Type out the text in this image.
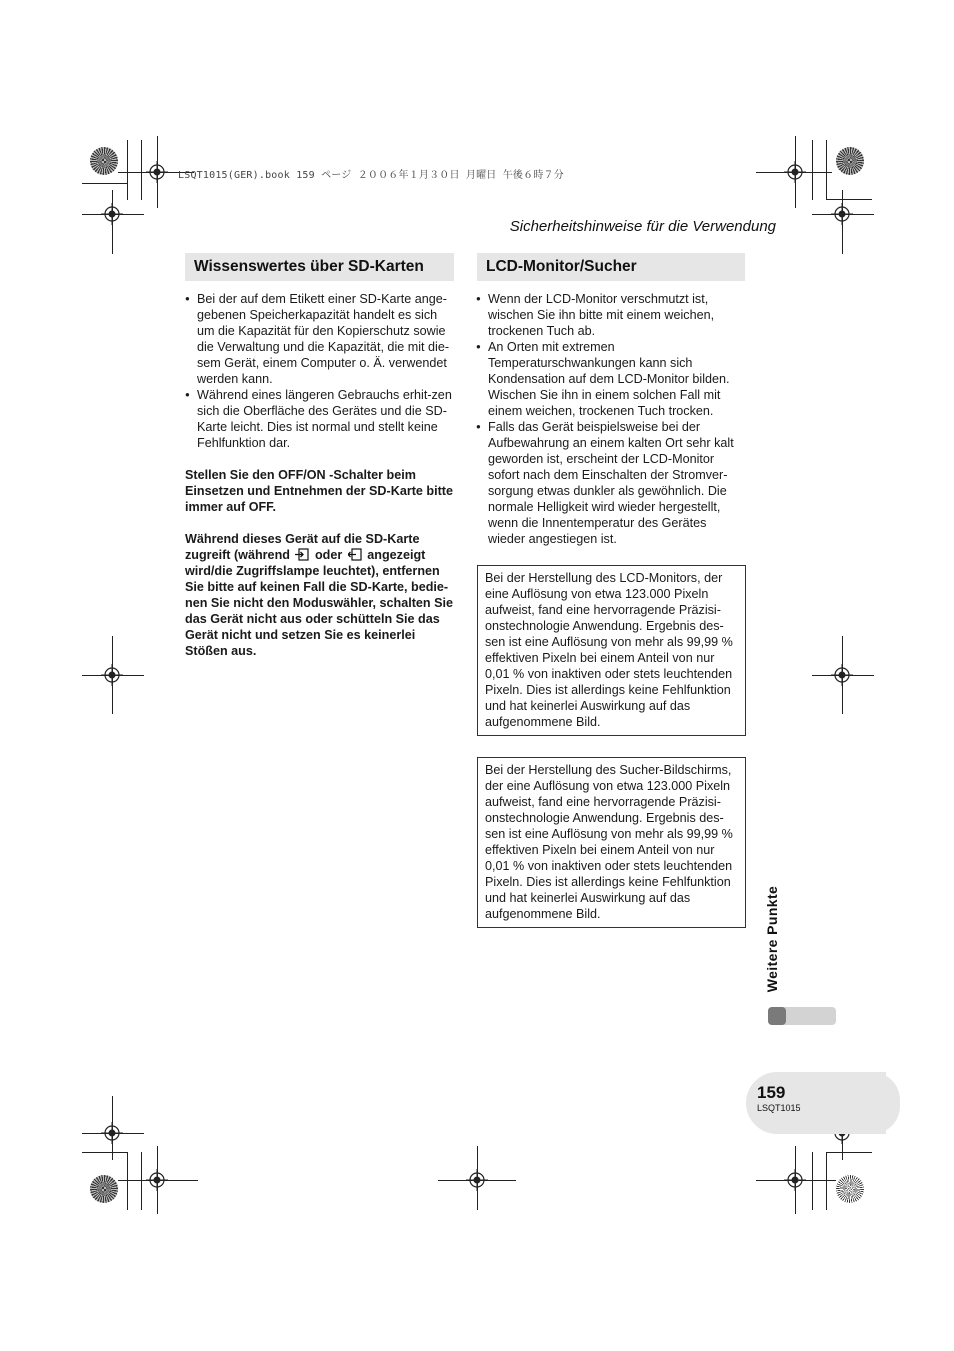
LSQT1015(GER).book 159 ページ ２００６年１月３０日 月曜日 午後６時７分
Sicherheitshinweise für die Verwendung
Wissenswertes über SD-Karten
● Bei der auf dem Etikett einer SD-Karte ange-gebenen Speicherkapazität handelt es sich um die Kapazität für den Kopierschutz sowie die Verwaltung und die Kapazität, die mit die-sem Gerät, einem Computer o. Ä. verwendet werden kann.
● Während eines längeren Gebrauchs erhit-zen sich die Oberfläche des Gerätes und die SD-Karte leicht. Dies ist normal und stellt keine Fehlfunktion dar.

Stellen Sie den OFF/ON -Schalter beim Einsetzen und Entnehmen der SD-Karte bitte immer auf OFF.

Während dieses Gerät auf die SD-Karte zugreift (während oder angezeigt wird/die Zugriffslampe leuchtet), entfernen Sie bitte auf keinen Fall die SD-Karte, bedie-nen Sie nicht den Moduswähler, schalten Sie das Gerät nicht aus oder schütteln Sie das Gerät nicht und setzen Sie es keinerlei Stößen aus.

LCD-Monitor/Sucher
● Wenn der LCD-Monitor verschmutzt ist, wischen Sie ihn bitte mit einem weichen, trockenen Tuch ab.
● An Orten mit extremen Temperaturschwankungen kann sich Kondensation auf dem LCD-Monitor bilden. Wischen Sie ihn in einem solchen Fall mit einem weichen, trockenen Tuch trocken.
● Falls das Gerät beispielsweise bei der Aufbewahrung an einem kalten Ort sehr kalt geworden ist, erscheint der LCD-Monitor sofort nach dem Einschalten der Stromver-sorgung etwas dunkler als gewöhnlich. Die normale Helligkeit wird wieder hergestellt, wenn die Innentemperatur des Gerätes wieder angestiegen ist.
Bei der Herstellung des LCD-Monitors, der eine Auflösung von etwa 123.000 Pixeln aufweist, fand eine hervorragende Präzisi-onstechnologie Anwendung. Ergebnis des-sen ist eine Auflösung von mehr als 99,99 % effektiven Pixeln bei einem Anteil von nur 0,01 % von inaktiven oder stets leuchtenden Pixeln. Dies ist allerdings keine Fehlfunktion und hat keinerlei Auswirkung auf das aufgenommene Bild.
Bei der Herstellung des Sucher-Bildschirms, der eine Auflösung von etwa 123.000 Pixeln aufweist, fand eine hervorragende Präzisi-onstechnologie Anwendung. Ergebnis des-sen ist eine Auflösung von mehr als 99,99 % effektiven Pixeln bei einem Anteil von nur 0,01 % von inaktiven oder stets leuchtenden Pixeln. Dies ist allerdings keine Fehlfunktion und hat keinerlei Auswirkung auf das aufgenommene Bild.	Weitere Punkte
159
LSQT1015
